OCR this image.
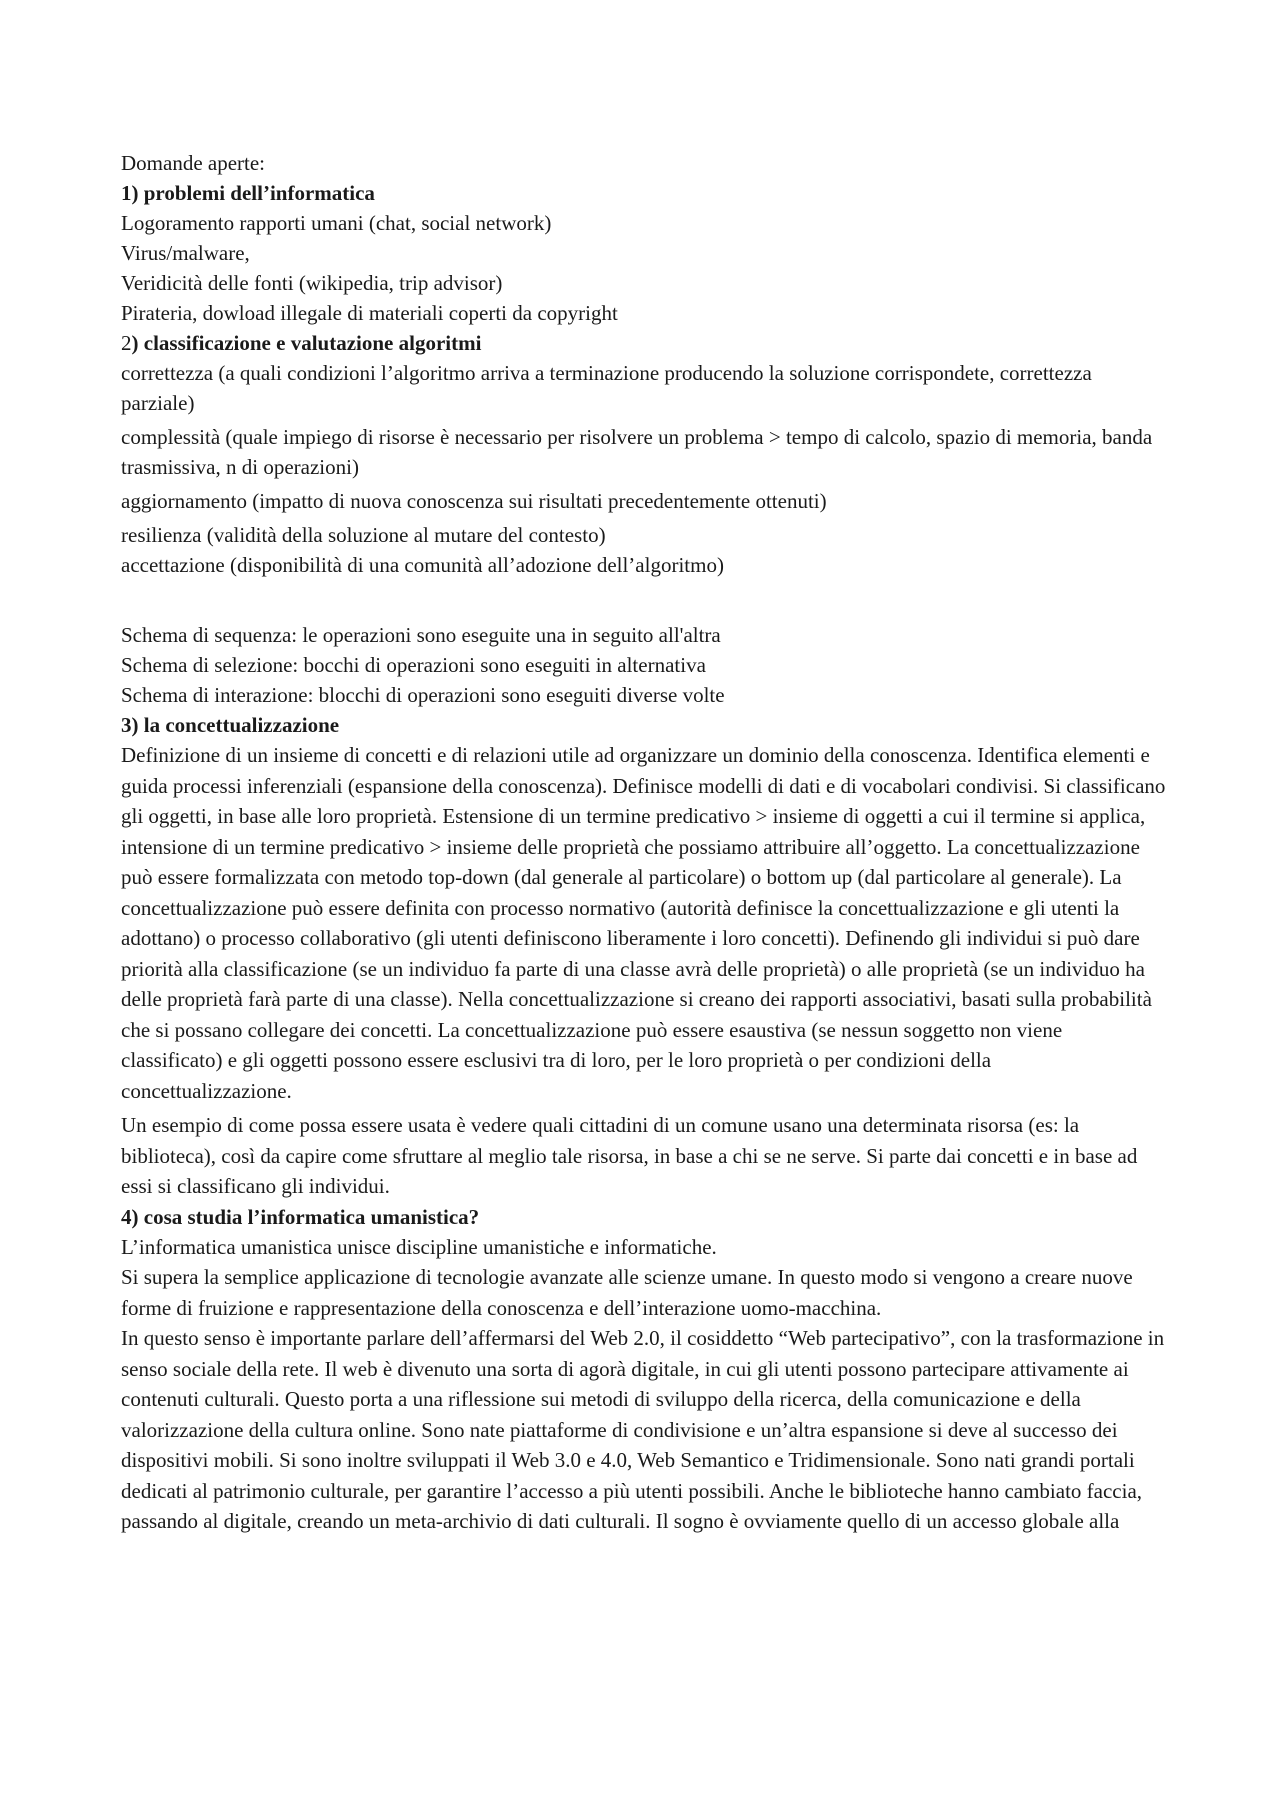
Domande aperte:

1) problemi dell’informatica

Logoramento rapporti umani (chat, social network)

Virus/malware,

Veridicità delle fonti (wikipedia, trip advisor)

Pirateria, dowload illegale di materiali coperti da copyright

2) classificazione e valutazione algoritmi

correttezza (a quali condizioni l’algoritmo arriva a terminazione producendo la soluzione corrispondete, correttezza parziale)

complessità (quale impiego di risorse è necessario per risolvere un problema > tempo di calcolo, spazio di memoria, banda trasmissiva, n di operazioni)

aggiornamento (impatto di nuova conoscenza sui risultati precedentemente ottenuti)

resilienza (validità della soluzione al mutare del contesto)

accettazione (disponibilità di una comunità all’adozione dell’algoritmo)

Schema di sequenza: le operazioni sono eseguite una in seguito all'altra

Schema di selezione: bocchi di operazioni sono eseguiti in alternativa

Schema di interazione: blocchi di operazioni sono eseguiti diverse volte

3) la concettualizzazione

Definizione di un insieme di concetti e di relazioni utile ad organizzare un dominio della conoscenza. Identifica elementi e guida processi inferenziali (espansione della conoscenza). Definisce modelli di dati e di vocabolari condivisi. Si classificano gli oggetti, in base alle loro proprietà. Estensione di un termine predicativo > insieme di oggetti a cui il termine si applica, intensione di un termine predicativo > insieme delle proprietà che possiamo attribuire all’oggetto. La concettualizzazione può essere formalizzata con metodo top-down (dal generale al particolare) o bottom up (dal particolare al generale). La concettualizzazione può essere definita con processo normativo (autorità definisce la concettualizzazione e gli utenti la adottano) o processo collaborativo (gli utenti definiscono liberamente i loro concetti). Definendo gli individui si può dare priorità alla classificazione (se un individuo fa parte di una classe avrà delle proprietà) o alle proprietà (se un individuo ha delle proprietà farà parte di una classe). Nella concettualizzazione si creano dei rapporti associativi, basati sulla probabilità che si possano collegare dei concetti. La concettualizzazione può essere esaustiva (se nessun soggetto non viene classificato) e gli oggetti possono essere esclusivi tra di loro, per le loro proprietà o per condizioni della concettualizzazione.

Un esempio di come possa essere usata è vedere quali cittadini di un comune usano una determinata risorsa (es: la biblioteca), così da capire come sfruttare al meglio tale risorsa, in base a chi se ne serve. Si parte dai concetti e in base ad essi si classificano gli individui.

4) cosa studia l’informatica umanistica?

L’informatica umanistica unisce discipline umanistiche e informatiche.

Si supera la semplice applicazione di tecnologie avanzate alle scienze umane. In questo modo si vengono a creare nuove forme di fruizione e rappresentazione della conoscenza e dell’interazione uomo-macchina.

In questo senso è importante parlare dell’affermarsi del Web 2.0, il cosiddetto “Web partecipativo”, con la trasformazione in senso sociale della rete. Il web è divenuto una sorta di agorà digitale, in cui gli utenti possono partecipare attivamente ai contenuti culturali. Questo porta a una riflessione sui metodi di sviluppo della ricerca, della comunicazione e della valorizzazione della cultura online. Sono nate piattaforme di condivisione e un’altra espansione si deve al successo dei dispositivi mobili. Si sono inoltre sviluppati il Web 3.0 e 4.0, Web Semantico e Tridimensionale. Sono nati grandi portali dedicati al patrimonio culturale, per garantire l’accesso a più utenti possibili. Anche le biblioteche hanno cambiato faccia, passando al digitale, creando un meta-archivio di dati culturali. Il sogno è ovviamente quello di un accesso globale alla
